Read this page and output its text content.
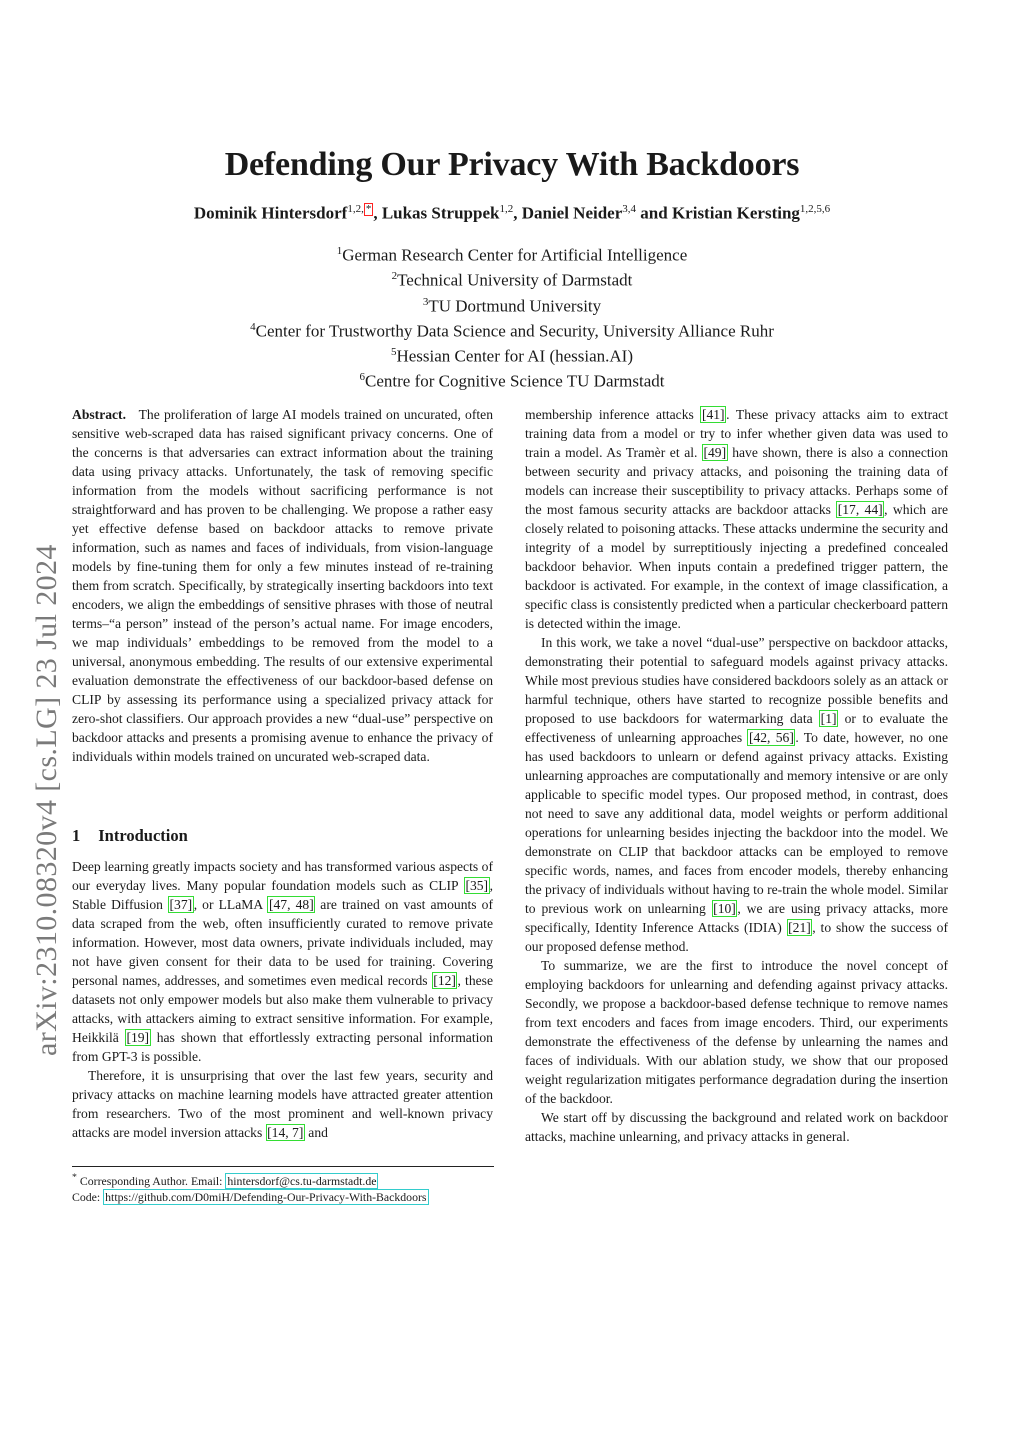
Defending Our Privacy With Backdoors
Dominik Hintersdorf$^{1,2,}$ * , Lukas Struppek$^{1,2}$, Daniel Neider$^{3,4}$ and Kristian Kersting$^{1,2,5,6}$
$^1$German Research Center for Artificial Intelligence
$^2$Technical University of Darmstadt
$^3$TU Dortmund University
$^4$Center for Trustworthy Data Science and Security, University Alliance Ruhr
$^5$Hessian Center for AI (hessian.AI)
$^6$Centre for Cognitive Science TU Darmstadt
arXiv:2310.08320v4 [cs.LG] 23 Jul 2024

Abstract. The proliferation of large AI models trained on uncurated, often sensitive web-scraped data has raised significant privacy concerns. One of the concerns is that adversaries can extract information about the training data using privacy attacks. Unfortunately, the task of removing specific information from the models without sacrificing performance is not straightforward and has proven to be challenging. We propose a rather easy yet effective defense based on backdoor attacks to remove private information, such as names and faces of individuals, from vision-language models by fine-tuning them for only a few minutes instead of re-training them from scratch. Specifically, by strategically inserting backdoors into text encoders, we align the embeddings of sensitive phrases with those of neutral terms–“a person” instead of the person’s actual name. For image encoders, we map individuals’ embeddings to be removed from the model to a universal, anonymous embedding. The results of our extensive experimental evaluation demonstrate the effectiveness of our backdoor-based defense on CLIP by assessing its performance using a specialized privacy attack for zero-shot classifiers. Our approach provides a new “dual-use” perspective on backdoor attacks and presents a promising avenue to enhance the privacy of individuals within models trained on uncurated web-scraped data.

1 Introduction

Deep learning greatly impacts society and has transformed various aspects of our everyday lives. Many popular foundation models such as CLIP [35] , Stable Diffusion [37] , or LLaMA [47, 48] are trained on vast amounts of data scraped from the web, often insufficiently curated to remove private information. However, most data owners, private individuals included, may not have given consent for their data to be used for training. Covering personal names, addresses, and sometimes even medical records [12] , these datasets not only empower models but also make them vulnerable to privacy attacks, with attackers aiming to extract sensitive information. For example, Heikkilä [19] has shown that effortlessly extracting personal information from GPT-3 is possible.

Therefore, it is unsurprising that over the last few years, security and privacy attacks on machine learning models have attracted greater attention from researchers. Two of the most prominent and well-known privacy attacks are model inversion attacks [14, 7] and

membership inference attacks [41] . These privacy attacks aim to extract training data from a model or try to infer whether given data was used to train a model. As Tramèr et al. [49] have shown, there is also a connection between security and privacy attacks, and poisoning the training data of models can increase their susceptibility to privacy attacks. Perhaps some of the most famous security attacks are backdoor attacks [17, 44] , which are closely related to poisoning attacks. These attacks undermine the security and integrity of a model by surreptitiously injecting a predefined concealed backdoor behavior. When inputs contain a predefined trigger pattern, the backdoor is activated. For example, in the context of image classification, a specific class is consistently predicted when a particular checkerboard pattern is detected within the image.

In this work, we take a novel “dual-use” perspective on backdoor attacks, demonstrating their potential to safeguard models against privacy attacks. While most previous studies have considered backdoors solely as an attack or harmful technique, others have started to recognize possible benefits and proposed to use backdoors for watermarking data [1] or to evaluate the effectiveness of unlearning approaches [42, 56] . To date, however, no one has used backdoors to unlearn or defend against privacy attacks. Existing unlearning approaches are computationally and memory intensive or are only applicable to specific model types. Our proposed method, in contrast, does not need to save any additional data, model weights or perform additional operations for unlearning besides injecting the backdoor into the model. We demonstrate on CLIP that backdoor attacks can be employed to remove specific words, names, and faces from encoder models, thereby enhancing the privacy of individuals without having to re-train the whole model. Similar to previous work on unlearning [10] , we are using privacy attacks, more specifically, Identity Inference Attacks (IDIA) [21] , to show the success of our proposed defense method.

To summarize, we are the first to introduce the novel concept of employing backdoors for unlearning and defending against privacy attacks. Secondly, we propose a backdoor-based defense technique to remove names from text encoders and faces from image encoders. Third, our experiments demonstrate the effectiveness of the defense by unlearning the names and faces of individuals. With our ablation study, we show that our proposed weight regularization mitigates performance degradation during the insertion of the backdoor.

We start off by discussing the background and related work on backdoor attacks, machine unlearning, and privacy attacks in general.

* Corresponding Author. Email: hintersdorf@cs.tu-darmstadt.de

Code: https://github.com/D0miH/Defending-Our-Privacy-With-Backdoors
